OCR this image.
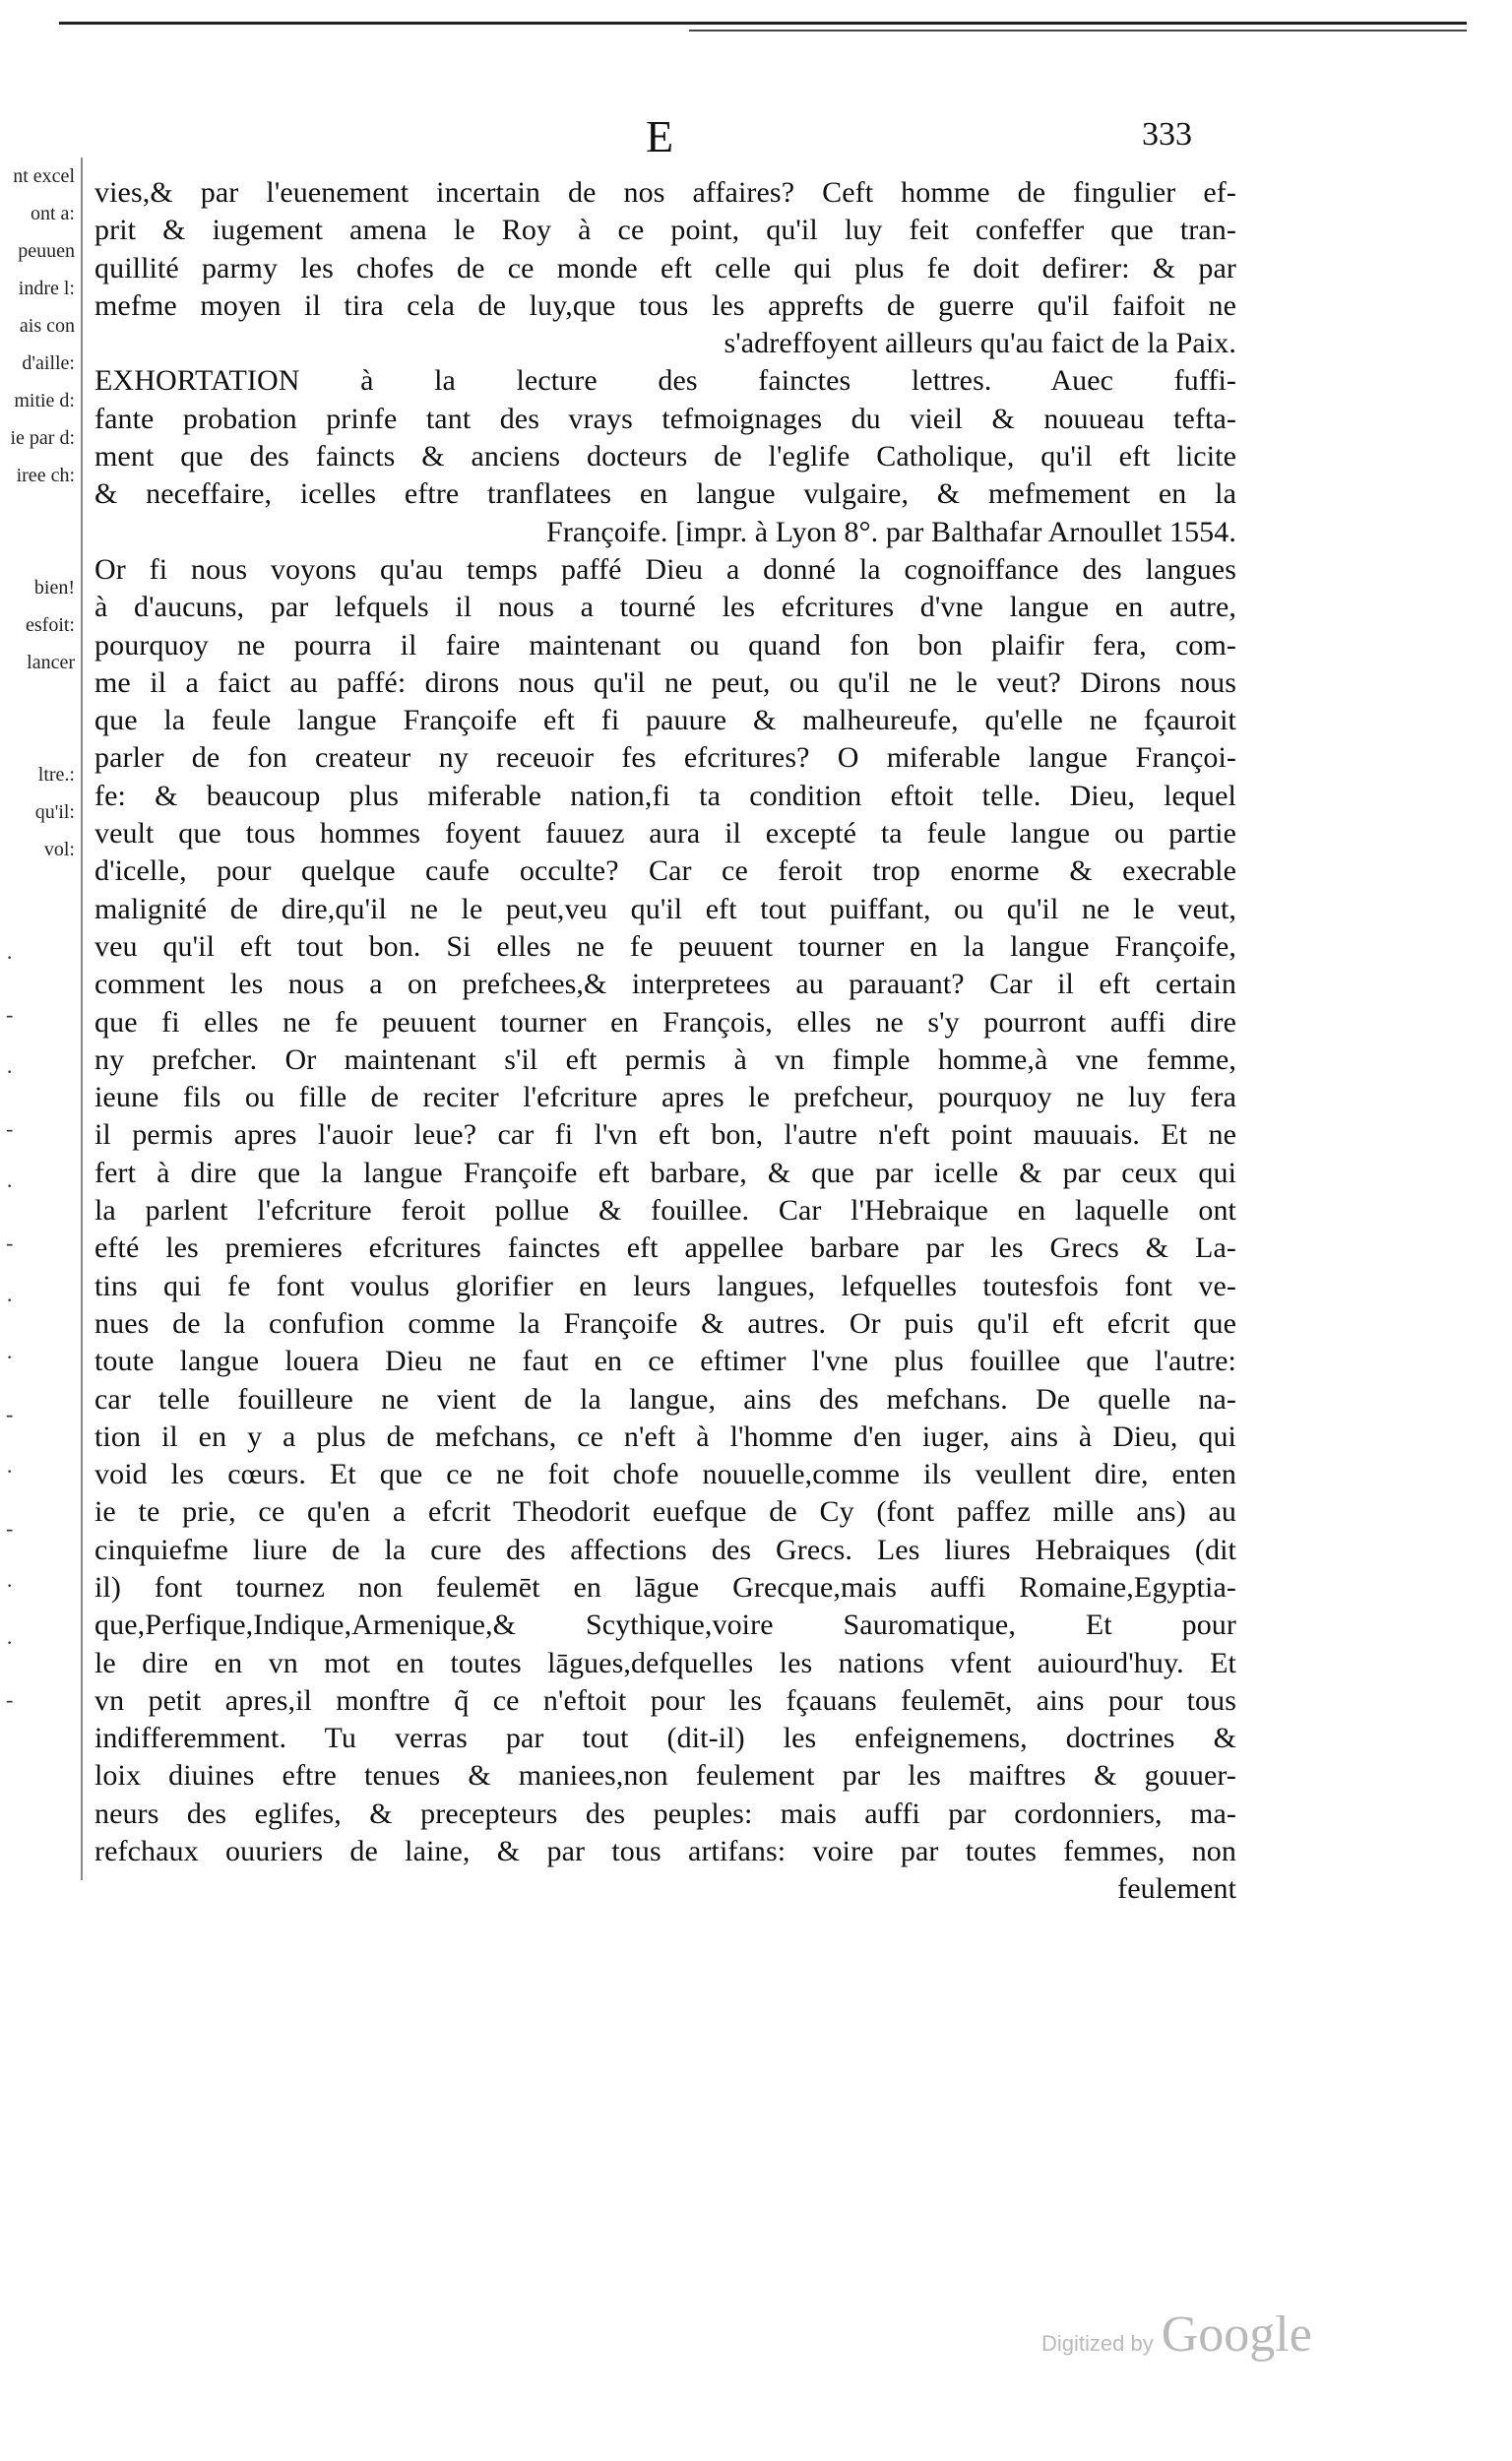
nt excel
ont a:
peuuen
indre l:
ais con
d'aille:
mitie d:
ie par d:
iree ch:
bien!
esfoit:
lancer
ltre.:
qu'il:
vol:
·
-
·
-
·
-
·
·
-
·
-
·
·
-
E	333
vies,& par l'euenement incertain de nos affaires? Ceft homme de fingulier ef-
prit & iugement amena le Roy à ce point, qu'il luy feit confeffer que tran-
quillité parmy les chofes de ce monde eft celle qui plus fe doit defirer: & par
mefme moyen il tira cela de luy,que tous les apprefts de guerre qu'il faifoit ne
s'adreffoyent ailleurs qu'au faict de la Paix.
EXHORTATION à la lecture des fainctes lettres. Auec fuffi-
fante probation prinfe tant des vrays tefmoignages du vieil & nouueau tefta-
ment que des faincts & anciens docteurs de l'eglife Catholique, qu'il eft licite
& neceffaire, icelles eftre tranflatees en langue vulgaire, & mefmement en la
Françoife. [impr. à Lyon 8°. par Balthafar Arnoullet 1554.
Or fi nous voyons qu'au temps paffé Dieu a donné la cognoiffance des langues
à d'aucuns, par lefquels il nous a tourné les efcritures d'vne langue en autre,
pourquoy ne pourra il faire maintenant ou quand fon bon plaifir fera, com-
me il a faict au paffé: dirons nous qu'il ne peut, ou qu'il ne le veut? Dirons nous
que la feule langue Françoife eft fi pauure & malheureufe, qu'elle ne fçauroit
parler de fon createur ny receuoir fes efcritures? O miferable langue Françoi-
fe: & beaucoup plus miferable nation,fi ta condition eftoit telle. Dieu, lequel
veult que tous hommes foyent fauuez aura il excepté ta feule langue ou partie
d'icelle, pour quelque caufe occulte? Car ce feroit trop enorme & execrable
malignité de dire,qu'il ne le peut,veu qu'il eft tout puiffant, ou qu'il ne le veut,
veu qu'il eft tout bon. Si elles ne fe peuuent tourner en la langue Françoife,
comment les nous a on prefchees,& interpretees au parauant? Car il eft certain
que fi elles ne fe peuuent tourner en François, elles ne s'y pourront auffi dire
ny prefcher. Or maintenant s'il eft permis à vn fimple homme,à vne femme,
ieune fils ou fille de reciter l'efcriture apres le prefcheur, pourquoy ne luy fera
il permis apres l'auoir leue? car fi l'vn eft bon, l'autre n'eft point mauuais. Et ne
fert à dire que la langue Françoife eft barbare, & que par icelle & par ceux qui
la parlent l'efcriture feroit pollue & fouillee. Car l'Hebraique en laquelle ont
efté les premieres efcritures fainctes eft appellee barbare par les Grecs & La-
tins qui fe font voulus glorifier en leurs langues, lefquelles toutesfois font ve-
nues de la confufion comme la Françoife & autres. Or puis qu'il eft efcrit que
toute langue louera Dieu ne faut en ce eftimer l'vne plus fouillee que l'autre:
car telle fouilleure ne vient de la langue, ains des mefchans. De quelle na-
tion il en y a plus de mefchans, ce n'eft à l'homme d'en iuger, ains à Dieu, qui
void les cœurs. Et que ce ne foit chofe nouuelle,comme ils veullent dire, enten
ie te prie, ce qu'en a efcrit Theodorit euefque de Cy (font paffez mille ans) au
cinquiefme liure de la cure des affections des Grecs. Les liures Hebraiques (dit
il) font tournez non feulemēt en lāgue Grecque,mais auffi Romaine,Egyptia-
que,Perfique,Indique,Armenique,& Scythique,voire Sauromatique, Et pour
le dire en vn mot en toutes lāgues,defquelles les nations vfent auiourd'huy. Et
vn petit apres,il monftre q̃ ce n'eftoit pour les fçauans feulemēt, ains pour tous
indifferemment. Tu verras par tout (dit-il) les enfeignemens, doctrines &
loix diuines eftre tenues & maniees,non feulement par les maiftres & gouuer-
neurs des eglifes, & precepteurs des peuples: mais auffi par cordonniers, ma-
refchaux ouuriers de laine, & par tous artifans: voire par toutes femmes, non
feulement
Digitized by Google
